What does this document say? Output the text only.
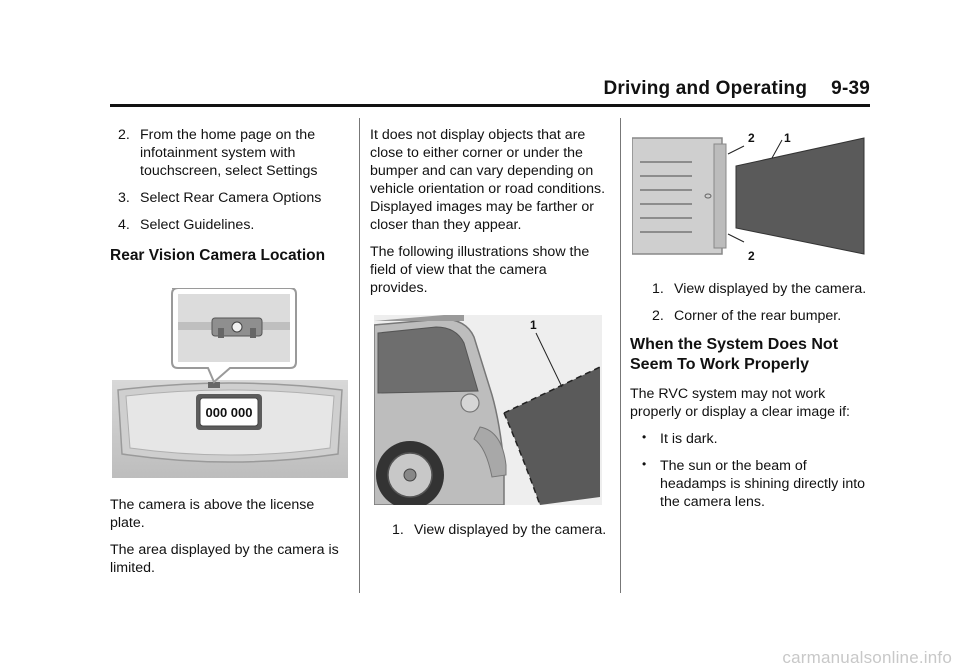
Driving and Operating 9-39
2. From the home page on the infotainment system with touchscreen, select Settings
3. Select Rear Camera Options
4. Select Guidelines.
Rear Vision Camera Location
000 000

The camera is above the license plate.

The area displayed by the camera is limited.

It does not display objects that are close to either corner or under the bumper and can vary depending on vehicle orientation or road conditions. Displayed images may be farther or closer than they appear.

The following illustrations show the field of view that the camera provides.

1
1. View displayed by the camera.
2 1
2
1. View displayed by the camera.
2. Corner of the rear bumper.
When the System Does Not Seem To Work Properly

The RVC system may not work properly or display a clear image if:

• It is dark.
• The sun or the beam of headamps is shining directly into the camera lens.
carmanualsonline.info
